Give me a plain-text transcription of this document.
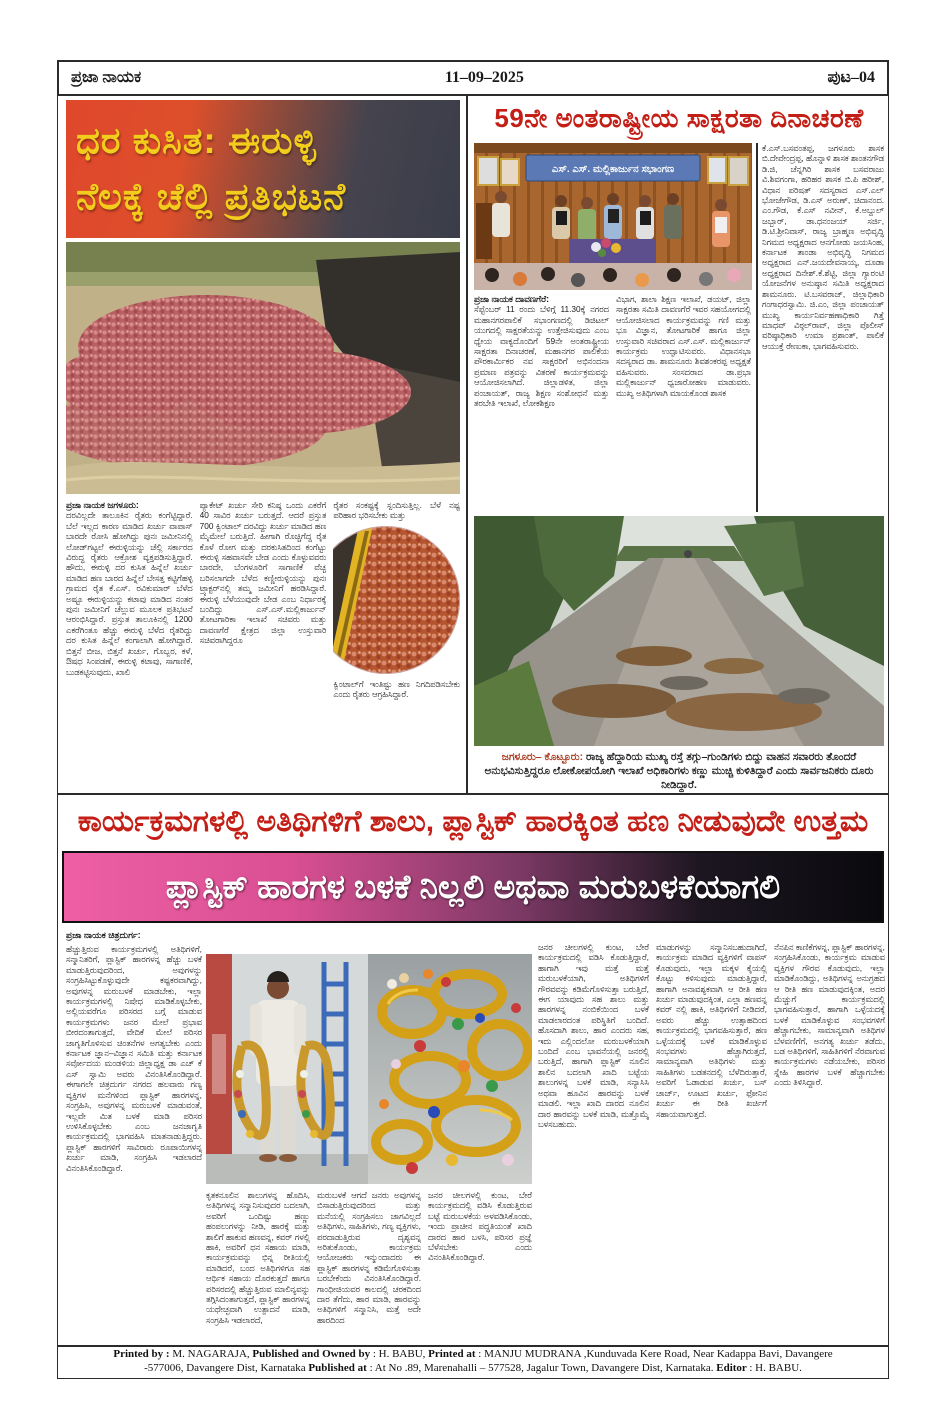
ಪ್ರಜಾ ನಾಯಕ	11–09–2025	ಪುಟ–04
ಧರ ಕುಸಿತ: ಈರುಳ್ಳಿ
ನೆಲಕ್ಕೆ ಚೆಲ್ಲಿ ಪ್ರತಿಭಟನೆ

ಪ್ರಜಾ ನಾಯಕ ಜಗಳೂರು:
ದರವಿಲ್ಲದೇ ತಾಲೂಕಿನ ರೈತರು ಕಂಗೆಟ್ಟಿದ್ದಾರೆ. ಬೆಲೆ ಇಲ್ಲದ ಕಾರಣ ಮಾಡಿದ ಖರ್ಚು ವಾಪಾಸ್ ಬಾರದೇ ರೋಸಿ ಹೋಗಿದ್ದು ಪುನಃ ಜಮೀನಿನಲ್ಲಿ ಲೋಡ್‌ಗಟ್ಟಲೆ ಈರುಳ್ಳಿಯನ್ನು ಚೆಲ್ಲಿ ಸರ್ಕಾರದ ವಿರುದ್ಧ ರೈತರು ಆಕ್ರೋಶ ವ್ಯಕ್ತಪಡಿಸುತ್ತಿದ್ದಾರೆ. ಹೌದು, ಈರುಳ್ಳಿ ದರ ಕುಸಿತ ಹಿನ್ನೆಲೆ ಖರ್ಚು ಮಾಡಿದ ಹಣ ಬಾರದ ಹಿನ್ನೆಲೆ ಬೇಸತ್ತ ಕಟ್ಟಿಗೆಹಳ್ಳಿ ಗ್ರಾಮದ ರೈತ ಕೆ.ಎಸ್. ರವಿಕುಮಾರ್ ಬೆಳೆದ ಅಷ್ಟೂ ಈರುಳ್ಳಿಯನ್ನು ಕಟಾವು ಮಾಡಿದ ನಂತರ ಪುನಃ ಜಮೀನಿಗೆ ಚೆಲ್ಲುವ ಮೂಲಕ ಪ್ರತಿಭಟನೆ ಆರಂಭಿಸಿದ್ದಾರೆ. ಪ್ರಸ್ತುತ ತಾಲೂಕಿನಲ್ಲಿ 1200 ಎಕರೆಗಿಂತೂ ಹೆಚ್ಚು ಈರುಳ್ಳಿ ಬೆಳೆದ ರೈತರಿದ್ದು ದರ ಕುಸಿತ ಹಿನ್ನೆಲೆ ಕಂಗಾಲಾಗಿ ಹೋಗಿದ್ದಾರೆ. ಬಿತ್ತನೆ ಬೀಜ, ಬಿತ್ತನೆ ಖರ್ಚು, ಗೊಬ್ಬರ, ಕಳೆ, ಔಷಧ ಸಿಂಪಡಣೆ, ಈರುಳ್ಳಿ ಕಟಾವು, ಸಾಗಾಣಿಕೆ, ಬುಡಕಟ್ಟಿಸುವುದು, ಖಾಲಿ

ಪ್ಯಾಕೇಟ್ ಖರ್ಚು ಸೇರಿ ಕನಿಷ್ಠ ಒಂದು ಎಕರೆಗೆ 40 ಸಾವಿರ ಖರ್ಚು ಬರುತ್ತದೆ. ಆದರೆ ಪ್ರಸ್ತುತ 700 ಕ್ವಿಂಟಾಲ್ ದರವಿದ್ದು ಖರ್ಚು ಮಾಡಿದ ಹಣ ಮೈಮೇಲೆ ಬರುತ್ತಿದೆ. ಹೀಗಾಗಿ ರೊಚ್ಚಿಗೆದ್ದ ರೈತ ಕೊಳೆ ರೋಗ ಮತ್ತು ದರಕುಸಿತದಿಂದ ಕಂಗೆಟ್ಟು ಈರುಳ್ಳಿ ಸಹವಾಸವೇ ಬೇಡ ಎಂದು ಕೊಳ್ಳುವವರು ಬಾರದೇ, ಬೆಂಗಳೂರಿಗೆ ಸಾಗಾಣಿಕೆ ವೆಚ್ಚ ಬರಿಸಲಾಗದೇ ಬೆಳೆದ ಕಣ್ಣೀರುಳ್ಳಿಯನ್ನು ಪುನಃ ಟ್ರ್ಯಾಕ್ಟರ್‌ನಲ್ಲಿ ತಮ್ಮ ಜಮೀನಿಗೆ ಹರಡಿಸಿದ್ದಾರೆ. ಈರುಳ್ಳಿ ಬೆಳೆಯುವುದೇ ಬೇಡ ಎಂಬ ನಿರ್ಧಾರಕ್ಕೆ ಬಂದಿದ್ದು ಎಸ್.ಎಸ್.ಮಲ್ಲಿಕಾರ್ಜುನ್ ತೋಟಗಾರಿಕಾ ಇಲಾಖೆ ಸಚಿವರು ಮತ್ತು ದಾವಣಗೆರೆ ಕ್ಷೇತ್ರದ ಜಿಲ್ಲಾ ಉಸ್ತುವಾರಿ ಸಚಿವರಾಗಿದ್ದರೂ

ರೈತರ ಸಂಕಷ್ಟಕ್ಕೆ ಸ್ಪಂದಿಸುತ್ತಿಲ್ಲ. ಬೆಳೆ ನಷ್ಟ ಪರಿಹಾರ ಭರಿಸಬೇಕು ಮತ್ತು

ಕ್ವಿಂಟಾಲ್‌ಗೆ ಇಂತಿಷ್ಟು ಹಣ ನಿಗದಿಪಡಿಸಬೇಕು ಎಂದು ರೈತರು ಆಗ್ರಹಿಸಿದ್ದಾರೆ.

59ನೇ ಅಂತರಾಷ್ಟ್ರೀಯ ಸಾಕ್ಷರತಾ ದಿನಾಚರಣೆ
ಎಸ್. ಎಸ್. ಮಲ್ಲಿಕಾರ್ಜುನ ಸಭಾಂಗಣ

ಪ್ರಜಾ ನಾಯಕ ದಾವಣಗೆರೆ:
ಸೆಪ್ಟೆಂಬರ್ 11 ರಂದು ಬೆಳಿಗ್ಗೆ 11.30ಕ್ಕೆ ನಗರದ ಮಹಾನಗರಪಾಲಿಕೆ ಸಭಾಂಗಣದಲ್ಲಿ ಡಿಜಿಟಲ್ ಯುಗದಲ್ಲಿ ಸಾಕ್ಷರತೆಯನ್ನು ಉತ್ತೇಜಿಸುವುದು ಎಂಬ ಧ್ಯೇಯ ವಾಕ್ಯದೊಂದಿಗೆ 59ನೇ ಅಂತರಾಷ್ಟ್ರೀಯ ಸಾಕ್ಷರತಾ ದಿನಾಚರಣೆ, ಮಹಾನಗರ ಪಾಲಿಕೆಯ ಪೌರಕಾರ್ಮಿಕರ ನವ ಸಾಕ್ಷರರಿಗೆ ಅಭಿನಂದನಾ ಪ್ರಮಾಣ ಪತ್ರವನ್ನು ವಿತರಣೆ ಕಾರ್ಯಕ್ರಮವನ್ನು ಆಯೋಜಿಸಲಾಗಿದೆ. ಜಿಲ್ಲಾಡಳಿತ, ಜಿಲ್ಲಾ ಪಂಚಾಯತ್, ರಾಜ್ಯ ಶಿಕ್ಷಣ ಸಂಶೋಧನೆ ಮತ್ತು ತರಬೇತಿ ಇಲಾಖೆ, ಲೋಕಶಿಕ್ಷಣ

ವಿಭಾಗ, ಶಾಲಾ ಶಿಕ್ಷಣ ಇಲಾಖೆ, ಡಯಟ್, ಜಿಲ್ಲಾ ಸಾಕ್ಷರತಾ ಸಮಿತಿ ದಾವಣಗೆರೆ ಇವರ ಸಹಯೋಗದಲ್ಲಿ ಆಯೋಜಿಸಲಾದ ಕಾರ್ಯಕ್ರಮವನ್ನು ಗಣಿ ಮತ್ತು ಭೂ ವಿಜ್ಞಾನ, ತೋಟಗಾರಿಕೆ ಹಾಗೂ ಜಿಲ್ಲಾ ಉಸ್ತುವಾರಿ ಸಚಿವರಾದ ಎಸ್.ಎಸ್. ಮಲ್ಲಿಕಾರ್ಜುನ್ ಕಾರ್ಯಕ್ರಮ ಉದ್ಘಾಟಿಸುವರು. ವಿಧಾನಸಭಾ ಸದಸ್ಯರಾದ ಡಾ. ಶಾಮನೂರು ಶಿವಶಂಕರಪ್ಪ ಅಧ್ಯಕ್ಷತೆ ವಹಿಸುವರು. ಸಂಸದರಾದ ಡಾ.ಪ್ರಭಾ ಮಲ್ಲಿಕಾರ್ಜುನ್ ಧ್ವಜಾರೋಹಣ ಮಾಡುವರು. ಮುಖ್ಯ ಅತಿಥಿಗಳಾಗಿ ಮಾಯಕೊಂಡ ಶಾಸಕ

ಕೆ.ಎಸ್.ಬಸವಂತಪ್ಪ, ಜಗಳೂರು ಶಾಸಕ ಬಿ.ದೇವೇಂದ್ರಪ್ಪ, ಹೊನ್ನಾಳಿ ಶಾಸಕ ಶಾಂತನಗೌಡ ಡಿ.ಜಿ, ಚೆನ್ನಗಿರಿ ಶಾಸಕ ಬಸವರಾಜು ವಿ.ಶಿವಗಂಗಾ, ಹರಿಹರ ಶಾಸಕ ಬಿ.ಪಿ ಹರೀಶ್, ವಿಧಾನ ಪರಿಷತ್ ಸದಸ್ಯರಾದ ಎಸ್.ಎಲ್ ಭೋಜೇಗೌಡ, ಡಿ.ಎಸ್ ಅರುಣ್, ಚಿದಾನಂದ. ಎಂ.ಗೌಡ, ಕೆ.ಎಸ್ ನವೀನ್, ಕೆ.ಅಬ್ದುಲ್ ಜಬ್ಬಾರ್, ಡಾ.ಧನಂಜಯ್ ಸರ್ಜಿ, ಡಿ.ಟಿ.ಶ್ರೀನಿವಾಸ್, ರಾಜ್ಯ ಬ್ರಾಹ್ಮಣ ಅಭಿವೃದ್ಧಿ ನಿಗಮದ ಅಧ್ಯಕ್ಷರಾದ ಆನಗೋಡು ಜಯಸಿಂಹ, ಕರ್ನಾಟಕ ತಾಂಡಾ ಅಭಿವೃದ್ಧಿ ನಿಗಮದ ಅಧ್ಯಕ್ಷರಾದ ಎನ್.ಜಯದೇವನಾಯ್ಕ, ದೂಡಾ ಅಧ್ಯಕ್ಷರಾದ ದಿನೇಶ್.ಕೆ.ಶೆಟ್ಟಿ, ಜಿಲ್ಲಾ ಗ್ಯಾರಂಟಿ ಯೋಜನೆಗಳ ಅನುಷ್ಠಾನ ಸಮಿತಿ ಅಧ್ಯಕ್ಷರಾದ ಶಾಮನೂರು. ಟಿ.ಬಸವರಾಜ್, ಜಿಲ್ಲಾಧಿಕಾರಿ ಗಂಗಾಧರಸ್ವಾಮಿ. ಜಿ.ಎಂ, ಜಿಲ್ಲಾ ಪಂಚಾಯತ್ ಮುಖ್ಯ ಕಾರ್ಯನಿರ್ವಹಣಾಧಿಕಾರಿ ಗಿತ್ತೆ ಮಾಧವ್ ವಿಠ್ಠಲ್‌ರಾವ್, ಜಿಲ್ಲಾ ಪೊಲೀಸ್ ವರಿಷ್ಠಾಧಿಕಾರಿ ಉಮಾ ಪ್ರಶಾಂತ್, ಪಾಲಿಕೆ ಆಯುಕ್ತೆ ರೇಣುಕಾ, ಭಾಗವಹಿಸುವರು.

ಜಗಳೂರು– ಕೊಟ್ಟೂರು: ರಾಜ್ಯ ಹೆದ್ದಾರಿಯ ಮುಖ್ಯ ರಸ್ತೆ ತಗ್ಗು–ಗುಂಡಿಗಳು ಬಿದ್ದು ವಾಹನ ಸವಾರರು ತೊಂದರೆ ಅನುಭವಿಸುತ್ತಿದ್ದರೂ ಲೋಕೋಪಯೋಗಿ ಇಲಾಖೆ ಅಧಿಕಾರಿಗಳು ಕಣ್ಣು ಮುಚ್ಚಿ ಕುಳಿತಿದ್ದಾರೆ ಎಂದು ಸಾರ್ವಜನಿಕರು ದೂರು ನೀಡಿದ್ದಾರೆ.
ಕಾರ್ಯಕ್ರಮಗಳಲ್ಲಿ ಅತಿಥಿಗಳಿಗೆ ಶಾಲು, ಪ್ಲಾಸ್ಟಿಕ್ ಹಾರಕ್ಕಿಂತ ಹಣ ನೀಡುವುದೇ ಉತ್ತಮ
ಪ್ಲಾಸ್ಟಿಕ್ ಹಾರಗಳ ಬಳಕೆ ನಿಲ್ಲಲಿ ಅಥವಾ ಮರುಬಳಕೆಯಾಗಲಿ
ಪ್ರಜಾ ನಾಯಕ ಚಿತ್ರದುರ್ಗ:

ಹೆಚ್ಚುತ್ತಿರುವ ಕಾರ್ಯಕ್ರಮಗಳಲ್ಲಿ ಅತಿಥಿಗಳಿಗೆ, ಸನ್ಮಾನಿತರಿಗೆ, ಪ್ಲಾಸ್ಟಿಕ್ ಹಾರಗಳನ್ನ ಹೆಚ್ಚು ಬಳಕೆ ಮಾಡುತ್ತಿರುವುದರಿಂದ, ಅವುಗಳನ್ನು ಸಂಗ್ರಹಿಸಿಟ್ಟುಕೊಳ್ಳುವುದೇ ಕಷ್ಟಕರವಾಗಿದ್ದು, ಅವುಗಳನ್ನ ಮರುಬಳಕೆ ಮಾಡಬೇಕು, ಇಲ್ಲಾ ಕಾರ್ಯಕ್ರಮಗಳಲ್ಲಿ ನಿಷೇಧ ಮಾಡಿಕೊಳ್ಳಬೇಕು, ಅಲ್ಲಿಯವರೆಗೂ ಪರಿಸರದ ಬಗ್ಗೆ ಮಾಡುವ ಕಾರ್ಯಕ್ರಮಗಳು ಜನರ ಮೇಲೆ ಪ್ರಭಾವ ಬೀರದಂತಾಗುತ್ತದೆ, ವೇದಿಕೆ ಮೇಲೆ ಪರಿಸರ ಜಾಗೃತಿಗೊಳಿಸುವ ಚಿಂತನೆಗಳ ಅಗತ್ಯಬೇಕು ಎಂದು ಕರ್ನಾಟಕ ಜ್ಞಾನ–ವಿಜ್ಞಾನ ಸಮಿತಿ ಮತ್ತು ಕರ್ನಾಟಕ ಸರ್ವೋದಯ ಮಂಡಳಿಯ ಜಿಲ್ಲಾಧ್ಯಕ್ಷ ಡಾ ಎಚ್ ಕೆ ಎಸ್ ಸ್ವಾಮಿ ಅವರು ವಿನಂತಿಸಿಕೊಂಡಿದ್ದಾರೆ. ಈಗಾಗಲೇ ಚಿತ್ರದುರ್ಗ ನಗರದ ಹಲವಾರು ಗಣ್ಯ ವ್ಯಕ್ತಿಗಳ ಮನೆಗಳಿಂದ ಪ್ಲಾಸ್ಟಿಕ್ ಹಾರಗಳನ್ನ, ಸಂಗ್ರಹಿಸಿ, ಅವುಗಳನ್ನ ಮರುಬಳಕೆ ಮಾಡುವಂತೆ, ಇಲ್ಲವೇ ಮಿತ ಬಳಕೆ ಮಾಡಿ ಪರಿಸರ ಉಳಿಸಿಕೊಳ್ಳಬೇಕು ಎಂಬ ಜನಜಾಗೃತಿ ಕಾರ್ಯಕ್ರಮದಲ್ಲಿ ಭಾಗವಹಿಸಿ ಮಾತನಾಡುತ್ತಿದ್ದರು. ಪ್ಲಾಸ್ಟಿಕ್ ಹಾರಗಳಿಗೆ ಸಾವಿರಾರು ರೂಪಾಯಿಗಳನ್ನ ಖರ್ಚು ಮಾಡಿ, ಸಂಗ್ರಹಿಸಿ ಇಡಲಾರದೆ ವಿನಂತಿಸಿಕೊಂಡಿದ್ದಾರೆ.

ಕೃತಕನೂಲಿನ ಶಾಲುಗಳನ್ನ ಹೊದಿಸಿ, ಅತಿಥಿಗಳನ್ನ ಸನ್ಮಾನಿಸುವುದರ ಬದಲಾಗಿ, ಅವರಿಗೆ ಒಂದಿಷ್ಟು ಹಣ್ಣು ಹಂಪಲುಗಳನ್ನು ನೀಡಿ, ಹಾರಕ್ಕೆ ಮತ್ತು ಶಾಲಿಗೆ ಹಾಕುವ ಹಣವನ್ನ, ಕವರ್ ಗಳಲ್ಲಿ ಹಾಕಿ, ಅವರಿಗೆ ಧನ ಸಹಾಯ ಮಾಡಿ, ಕಾರ್ಯಕ್ರಮವನ್ನು ಭಿನ್ನ ರೀತಿಯಲ್ಲಿ ಮಾಡಿದರೆ, ಬಂದ ಅತಿಥಿಗಳಿಗೂ ಸಹ ಆರ್ಥಿಕ ಸಹಾಯ ದೊರಕುತ್ತದೆ ಹಾಗೂ ಪರಿಸರದಲ್ಲಿ ಹೆಚ್ಚುತ್ತಿರುವ ಮಾಲಿನ್ಯವನ್ನು ತಗ್ಗಿಸಿದಂತಾಗುತ್ತದೆ, ಪ್ಲಾಸ್ಟಿಕ್ ಹಾರಗಳನ್ನ ಯಥೇಚ್ಛವಾಗಿ ಉತ್ಪಾದನೆ ಮಾಡಿ, ಸಂಗ್ರಹಿಸಿ ಇಡಲಾರದೆ,

ಮರುಬಳಕೆ ಆಗದೆ ಜನರು ಅವುಗಳನ್ನ ಬಿಸಾಡುತ್ತಿರುವುದರಿಂದ ಮತ್ತು ಮನೆಯಲ್ಲಿ ಸಂಗ್ರಹಿಸಲು ಜಾಗವಿಲ್ಲದೆ ಅತಿಥಿಗಳು, ಸಾಹಿತಿಗಳು, ಗಣ್ಯ ವ್ಯಕ್ತಿಗಳು, ಪರದಾಡುತ್ತಿರುವ ದೃಶ್ಯವನ್ನ ಅರಿತುಕೊಂಡು, ಕಾರ್ಯಕ್ರಮ ಆಯೋಜಕರು ಇನ್ಮುಂದಾದರು ಈ ಪ್ಲಾಸ್ಟಿಕ್ ಹಾರಗಳನ್ನ ಕಡಿಮೆಗೊಳಿಸುತ್ತಾ ಬರಬೇಕೆಂದು ವಿನಂತಿಸಿಕೊಂಡಿದ್ದಾರೆ. ಗಾಂಧೀಜಿಯವರ ಕಾಲದಲ್ಲಿ ಚರಕದಿಂದ ದಾರ ತೆಗೆದು, ಹಾರ ಮಾಡಿ, ಹಾರವನ್ನು ಅತಿಥಿಗಳಿಗೆ ಸನ್ಮಾನಿಸಿ, ಮತ್ತೆ ಅದೇ ಹಾರದಿಂದ

ಜನರ ಚೀಲಗಳಲ್ಲಿ ಕುಂಟ, ಬೇರೆ ಕಾರ್ಯಕ್ರಮದಲ್ಲಿ ವಡಿಸಿ ಕೊಡುತ್ತಿರುವ ಬಟ್ಟೆ ಮರುಬಳಕೆಯ ಅಳವಡಿಸಿಕೊಂಡು, ಇಂದು ಪ್ರಾಚೀನ ಪದ್ಧತಿಯಂತೆ ಖಾದಿ ದಾರದ ಹಾರ ಬಳಸಿ, ಪರಿಸರ ಪ್ರಜ್ಞೆ ಬೆಳೆಸಬೇಕು ಎಂದು ವಿನಂತಿಸಿಕೊಂಡಿದ್ದಾರೆ.

ಜನರ ಚೀಲಗಳಲ್ಲಿ ಕುಂಟ, ಬೇರೆ ಕಾರ್ಯಕ್ರಮದಲ್ಲಿ ವಡಿಸಿ ಕೊಡುತ್ತಿದ್ದಾರೆ, ಹಾಗಾಗಿ ಇವು ಮತ್ತೆ ಮತ್ತೆ ಮರುಬಳಕೆಯಾಗಿ, ಅತಿಥಿಗಳಿಗೆ ಗೌರವವನ್ನು ಕಡಿಮೆಗೊಳಿಸುತ್ತಾ ಬರುತ್ತಿದೆ, ಈಗ ಯಾವುದು ಸಹ ಶಾಲು ಮತ್ತು ಹಾರಗಳನ್ನ ನಂಬಿಕೆಯಿಂದ ಬಳಕೆ ಮಾಡಲಾರದಂತ ಪರಿಸ್ಥಿತಿಗೆ ಬಂದಿದೆ. ಹೊಸದಾಗಿ ಶಾಲು, ಹಾರ ಎಂದರು ಸಹ, ಇದು ಎಲ್ಲಿಂದಲೋ ಮರುಬಳಕೆಯಾಗಿ ಬಂದಿದೆ ಎಂಬ ಭಾವನೆಯಲ್ಲಿ ಜನರಲ್ಲಿ ಬರುತ್ತಿದೆ, ಹಾಗಾಗಿ ಪ್ಲಾಸ್ಟಿಕ್ ನೂಲಿನ ಶಾಲಿನ ಬದಲಾಗಿ ಖಾದಿ ಬಟ್ಟೆಯ ಶಾಲುಗಳನ್ನ ಬಳಕೆ ಮಾಡಿ, ಸನ್ಯಾಸಿಸಿ ಅಥವಾ ಹೂವಿನ ಹಾರವನ್ನು ಬಳಕೆ ಮಾಡಲಿ. ಇಲ್ಲಾ ಖಾದಿ ದಾರದ ನೂಲಿನ ದಾರ ಹಾರವನ್ನು ಬಳಕೆ ಮಾಡಿ, ಮತ್ತೊಮ್ಮೆ ಬಳಸಬಹುದು.

ಮಾಡುಗಳನ್ನು ಸನ್ಮಾನಿಸಬಹುದಾಗಿದೆ, ಕಾರ್ಯಕ್ರಮ ಮಾಡಿದ ವ್ಯಕ್ತಿಗಳಿಗೆ ವಾಪಸ್ ಕೊಡುವುದು, ಇಲ್ಲಾ ಮಕ್ಕಳ ಕೈಯಲ್ಲಿ ಕೊಟ್ಟು ಕಳಿಸುವುದು ಮಾಡುತ್ತಿದ್ದಾರೆ, ಹಾಗಾಗಿ ಅನಾವಶ್ಯಕವಾಗಿ ಆ ರೀತಿ ಹಣ ಖರ್ಚು ಮಾಡುವುದಕ್ಕಿಂತ, ಎಲ್ಲಾ ಹಣವನ್ನ ಕವರ್ ನಲ್ಲಿ ಹಾಕಿ, ಅತಿಥಿಗಳಿಗೆ ನೀಡಿದರೆ, ಅವರು ಹೆಚ್ಚು ಉತ್ಸಾಹದಿಂದ ಕಾರ್ಯಕ್ರಮದಲ್ಲಿ ಭಾಗವಹಿಸುತ್ತಾರೆ, ಹಣ ಒಳ್ಳೆಯದಕ್ಕೆ ಬಳಕೆ ಮಾಡಿಕೊಳ್ಳುವ ಸಂಭವಗಳು ಹೆಚ್ಚಾಗಿರುತ್ತದೆ, ಸಾಮಾನ್ಯವಾಗಿ ಅತಿಥಿಗಳು ಮತ್ತು ಸಾಹಿತಿಗಳು ಬಡತನದಲ್ಲಿ ಬೆಳೆದಿರುತ್ತಾರೆ, ಅವರಿಗೆ ಓಡಾಡುವ ಖರ್ಚು, ಬಸ್ ಚಾರ್ಜ್, ಊಟದ ಖರ್ಚು, ಫೋನಿನ ಖರ್ಚು ಈ ರೀತಿ ಖರ್ಚಿಗೆ ಸಹಾಯವಾಗುತ್ತದೆ.

ನೆನಪಿನ ಕಾಣಿಕೆಗಳನ್ನ, ಪ್ಲಾಸ್ಟಿಕ್ ಹಾರಗಳನ್ನ, ಸಂಗ್ರಹಿಸಿಕೊಂಡು, ಕಾರ್ಯಕ್ರಮ ಮಾಡುವ ವ್ಯಕ್ತಿಗಳ ಗೌರವ ಕೊಡುವುದು, ಇಲ್ಲಾ ಮಾಡಿಕೊಂಡಿದ್ದು, ಅತಿಥಿಗಳನ್ನ ಅನುಗ್ರಹದ ಆ ರೀತಿ ಹಣ ಮಾಡುವುದಕ್ಕಿಂತ, ಅದರ ಮೆಚ್ಚುಗೆ ಕಾರ್ಯಕ್ರಮದಲ್ಲಿ ಭಾಗವಹಿಸುತ್ತಾರೆ, ಹಾಗಾಗಿ ಒಳ್ಳೆಯದಕ್ಕೆ ಬಳಕೆ ಮಾಡಿಕೊಳ್ಳುವ ಸಂಭವಗಳಿಗೆ ಹೆಚ್ಚಾಗಬೇಕು, ಸಾಮಾನ್ಯವಾಗಿ ಅತಿಥಿಗಳ ಬೆಳವಣಿಗೆಗೆ, ಅನಗತ್ಯ ಖರ್ಚು ತಡೆದು, ಬಡ ಅತಿಥಿಗಳಿಗೆ, ಸಾಹಿತಿಗಳಿಗೆ ನೆರವಾಗುವ ಕಾರ್ಯಕ್ರಮಗಳು ನಡೆಯಬೇಕು, ಪರಿಸರ ಸ್ನೇಹಿ ಹಾರಗಳ ಬಳಕೆ ಹೆಚ್ಚಾಗಬೇಕು ಎಂದು ತಿಳಿಸಿದ್ದಾರೆ.

Printed by : M. NAGARAJA, Published and Owned by : H. BABU, Printed at : MANJU MUDRANA ,Kunduvada Kere Road, Near Kadappa Bavi, Davangere
-577006, Davangere Dist, Karnataka Published at : At No .89, Marenahalli – 577528, Jagalur Town, Davangere Dist, Karnataka. Editor : H. BABU.
